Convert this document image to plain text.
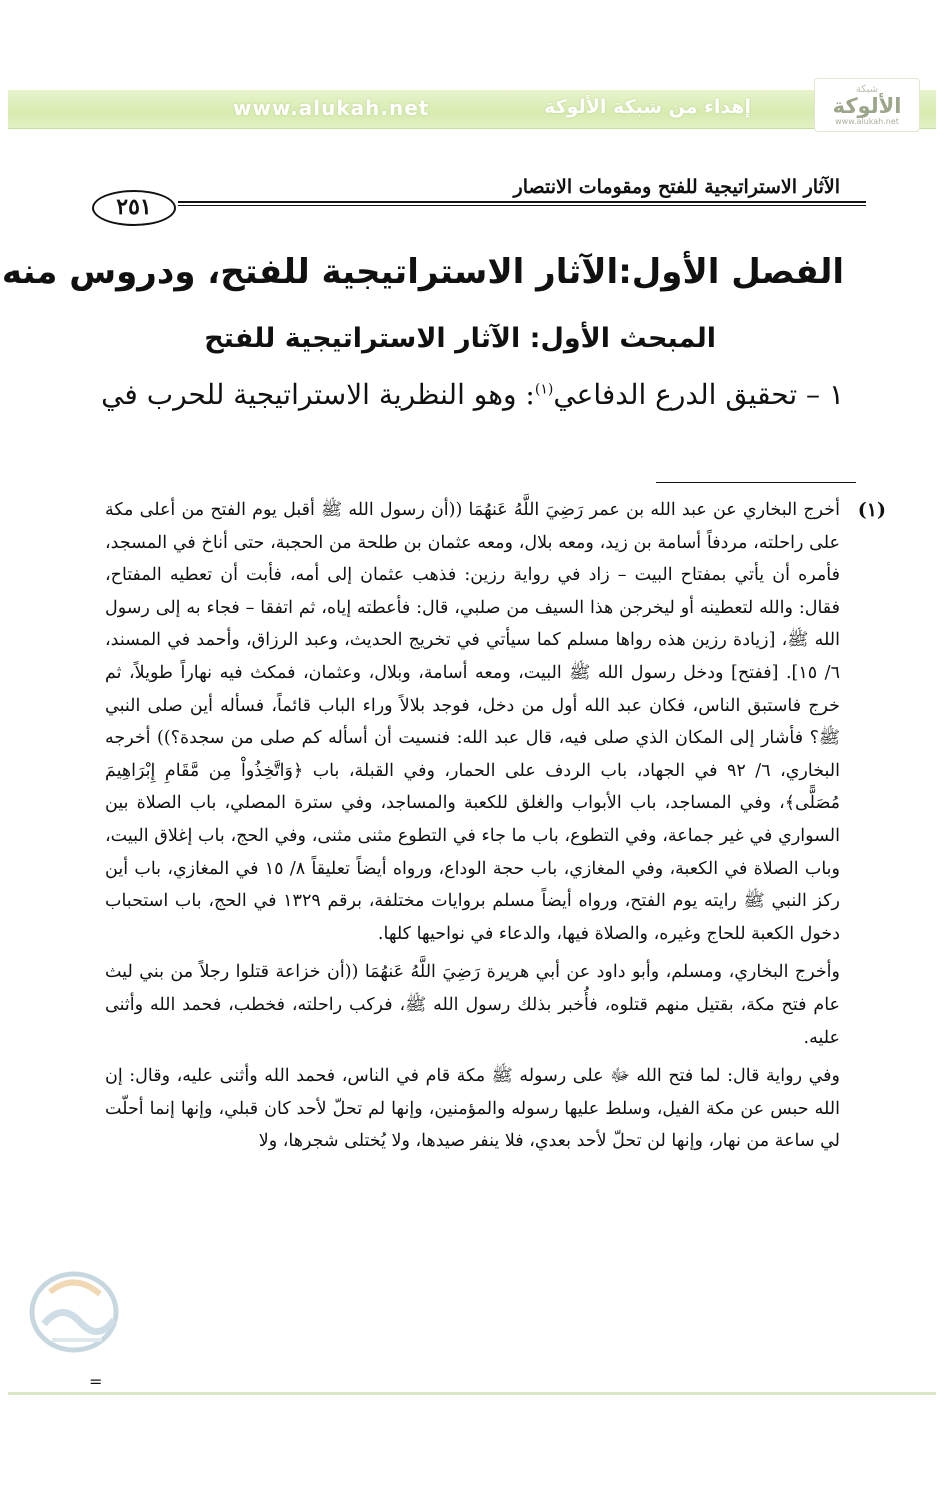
شبكة
الألوكة
www.alukah.net
إهداء من شبكة الألوكة
www.alukah.net
الآثار الاستراتيجية للفتح ومقومات الانتصار
٢٥١
الفصل الأول:الآثار الاستراتيجية للفتح، ودروس منه
المبحث الأول: الآثار الاستراتيجية للفتح
١ – تحقيق الدرع الدفاعي$^{(١)}$: وهو النظرية الاستراتيجية للحرب في
(١)

أخرج البخاري عن عبد الله بن عمر رَضِيَ اللَّهُ عَنهُمَا ((أن رسول الله ﷺ أقبل يوم الفتح من أعلى مكة على راحلته، مردفاً أسامة بن زيد، ومعه بلال، ومعه عثمان بن طلحة من الحجبة، حتى أناخ في المسجد، فأمره أن يأتي بمفتاح البيت – زاد في رواية رزين: فذهب عثمان إلى أمه، فأبت أن تعطيه المفتاح، فقال: والله لتعطينه أو ليخرجن هذا السيف من صلبي، قال: فأعطته إياه، ثم اتفقا – فجاء به إلى رسول الله ﷺ، [زيادة رزين هذه رواها مسلم كما سيأتي في تخريج الحديث، وعبد الرزاق، وأحمد في المسند، ٦/ ١٥]. [ففتح] ودخل رسول الله ﷺ البيت، ومعه أسامة، وبلال، وعثمان، فمكث فيه نهاراً طويلاً، ثم خرج فاستبق الناس، فكان عبد الله أول من دخل، فوجد بلالاً وراء الباب قائماً، فسأله أين صلى النبي ﷺ؟ فأشار إلى المكان الذي صلى فيه، قال عبد الله: فنسيت أن أسأله كم صلى من سجدة؟)) أخرجه البخاري، ٦/ ٩٢ في الجهاد، باب الردف على الحمار، وفي القبلة، باب ﴿وَاتَّخِذُواْ مِن مَّقَامِ إِبْرَاهِيمَ مُصَلًّى﴾، وفي المساجد، باب الأبواب والغلق للكعبة والمساجد، وفي سترة المصلي، باب الصلاة بين السواري في غير جماعة، وفي التطوع، باب ما جاء في التطوع مثنى مثنى، وفي الحج، باب إغلاق البيت، وباب الصلاة في الكعبة، وفي المغازي، باب حجة الوداع، ورواه أيضاً تعليقاً ٨/ ١٥ في المغازي، باب أين ركز النبي ﷺ رايته يوم الفتح، ورواه أيضاً مسلم بروايات مختلفة، برقم ١٣٢٩ في الحج، باب استحباب دخول الكعبة للحاج وغيره، والصلاة فيها، والدعاء في نواحيها كلها.

وأخرج البخاري، ومسلم، وأبو داود عن أبي هريرة رَضِيَ اللَّهُ عَنهُمَا ((أن خزاعة قتلوا رجلاً من بني ليث عام فتح مكة، بقتيل منهم قتلوه، فأُخبر بذلك رسول الله ﷺ، فركب راحلته، فخطب، فحمد الله وأثنى عليه.

وفي رواية قال: لما فتح الله ﷻ على رسوله ﷺ مكة قام في الناس، فحمد الله وأثنى عليه، وقال: إن الله حبس عن مكة الفيل، وسلط عليها رسوله والمؤمنين، وإنها لم تحلّ لأحد كان قبلي، وإنها إنما أحلّت لي ساعة من نهار، وإنها لن تحلّ لأحد بعدي، فلا ينفر صيدها، ولا يُختلى شجرها، ولا

=
